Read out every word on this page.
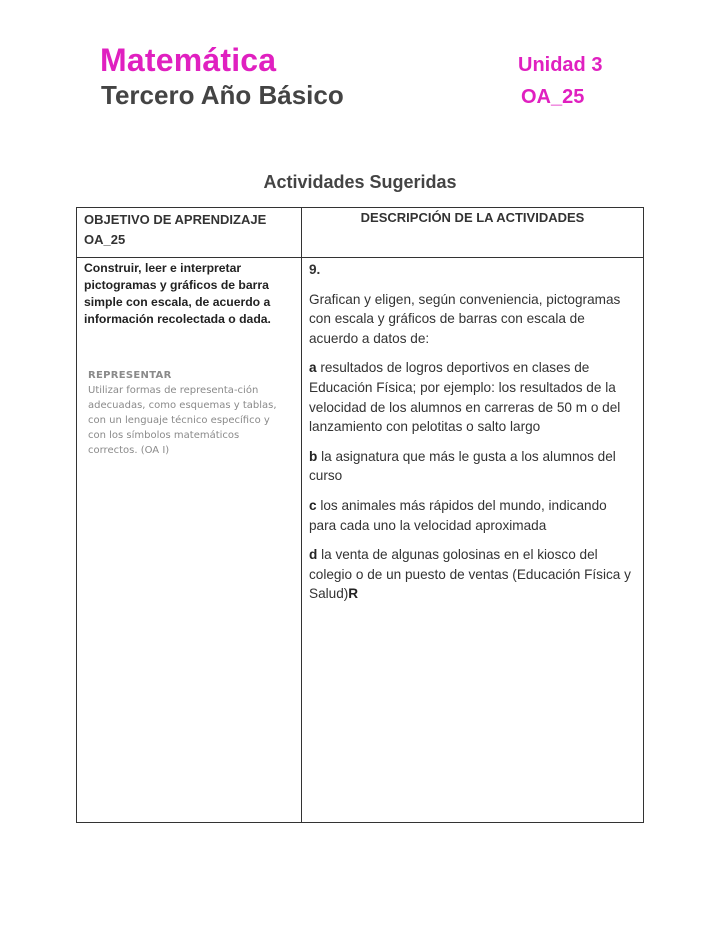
Matemática
Tercero Año Básico
Unidad 3
OA_25
Actividades Sugeridas
OBJETIVO DE APRENDIZAJE OA_25
DESCRIPCIÓN DE LA ACTIVIDADES
Construir, leer e interpretar pictogramas y gráficos de barra simple con escala, de acuerdo a información recolectada o dada.
REPRESENTAR
Utilizar formas de representa-ción adecuadas, como esquemas y tablas, con un lenguaje técnico específico y con los símbolos matemáticos correctos. (OA I)
9.

Grafican y eligen, según conveniencia, pictogramas con escala y gráficos de barras con escala de acuerdo a datos de:

a resultados de logros deportivos en clases de Educación Física; por ejemplo: los resultados de la velocidad de los alumnos en carreras de 50 m o del lanzamiento con pelotitas o salto largo

b la asignatura que más le gusta a los alumnos del curso

c los animales más rápidos del mundo, indicando para cada uno la velocidad aproximada

d la venta de algunas golosinas en el kiosco del colegio o de un puesto de ventas (Educación Física y Salud)R
